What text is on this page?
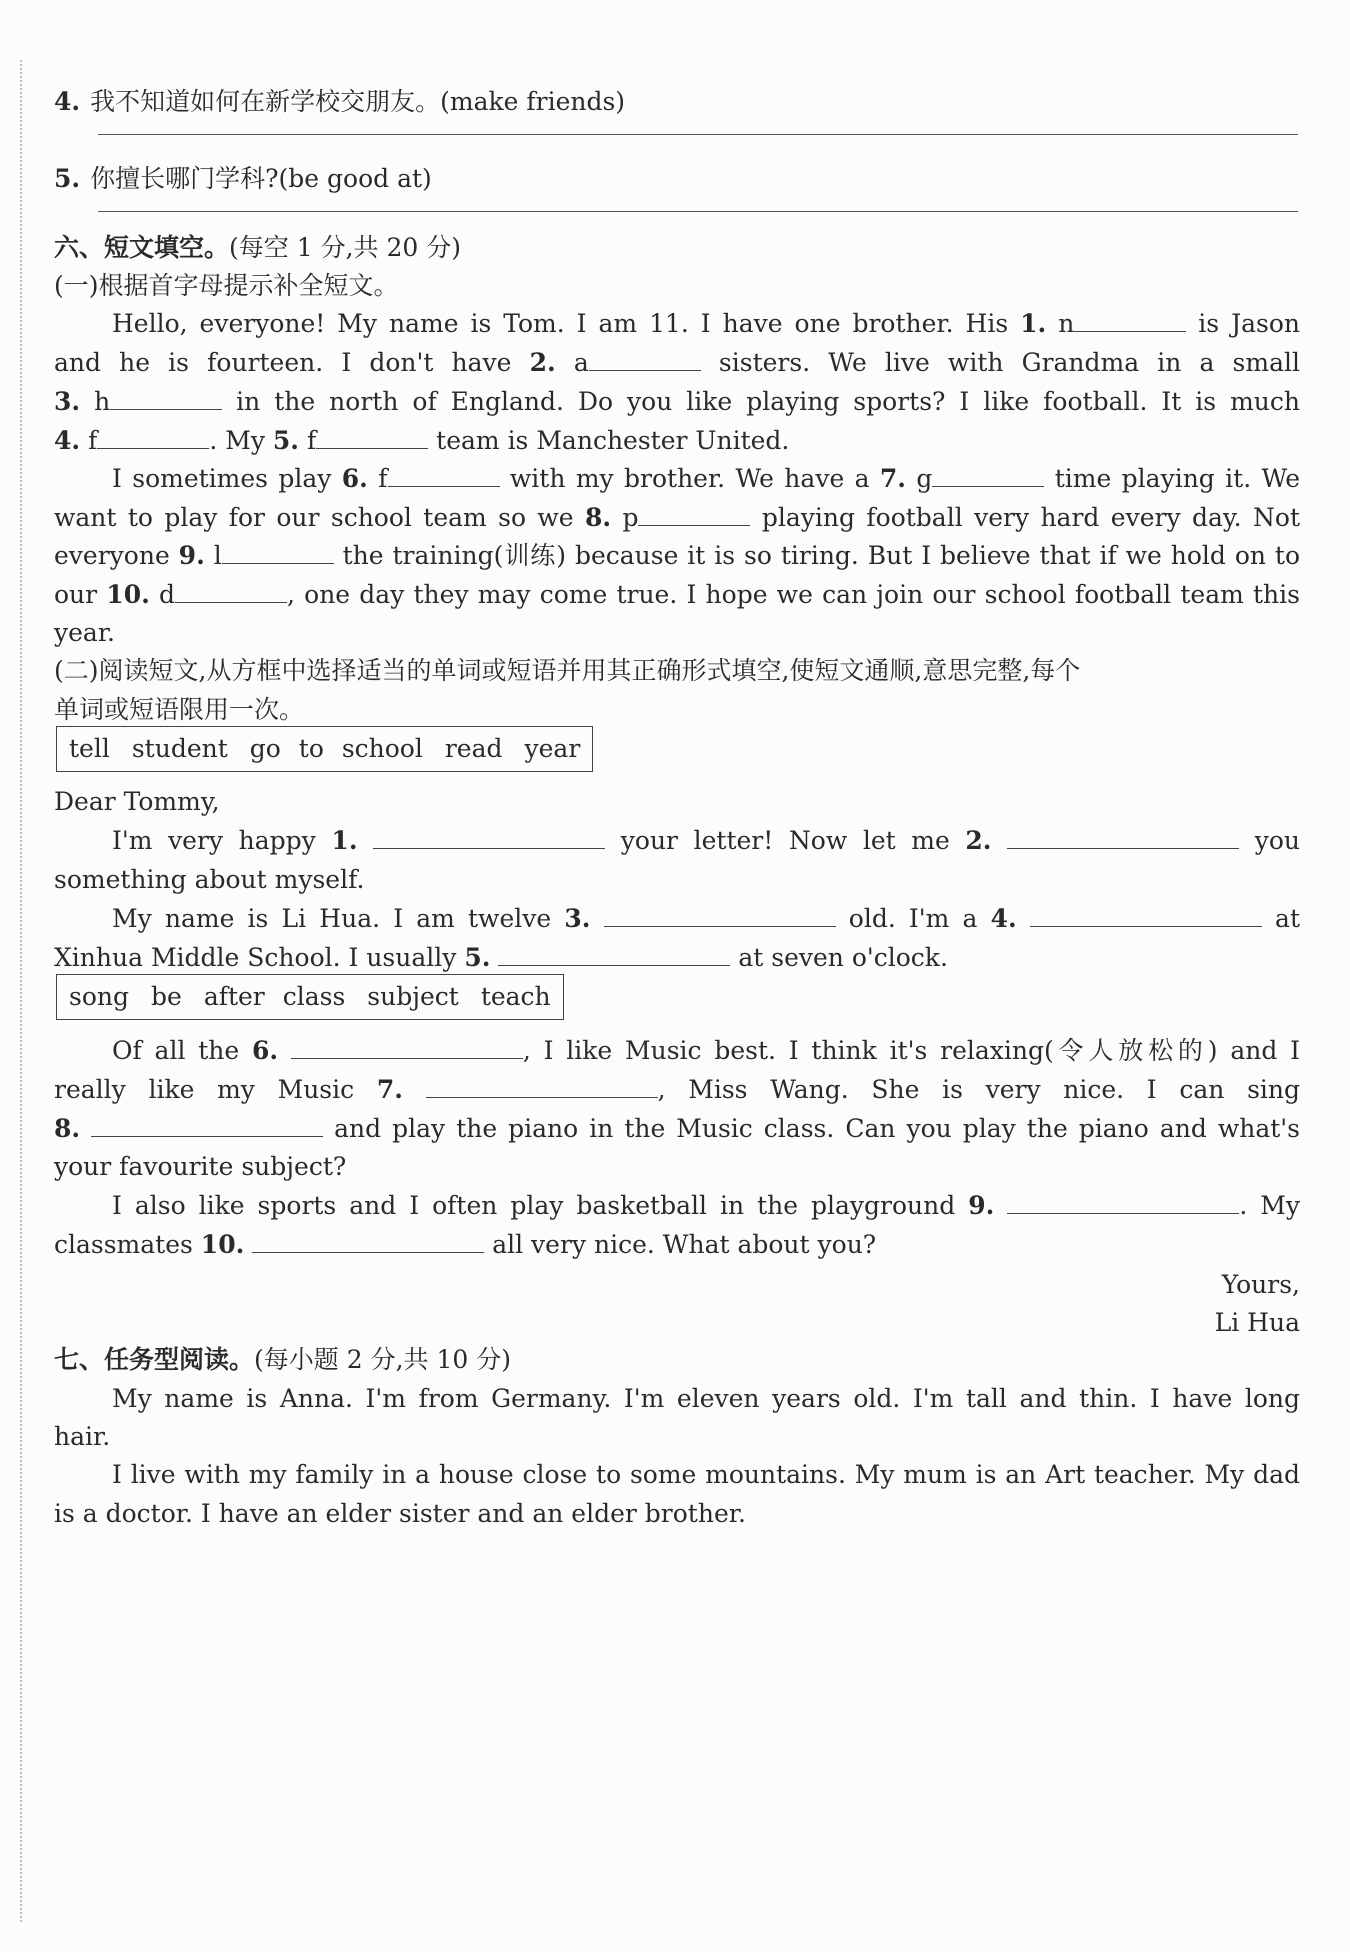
4. 我不知道如何在新学校交朋友。(make friends)
5. 你擅长哪门学科?(be good at)
六、短文填空。(每空 1 分,共 20 分)
(一)根据首字母提示补全短文。
Hello, everyone! My name is Tom. I am 11. I have one brother. His 1. n	is Jason
and he is fourteen. I don't have 2. a	sisters. We live with Grandma in a small
3. h	in the north of England. Do you like playing sports? I like football. It is much
4. f	. My 5. f	team is Manchester United.
I sometimes play 6. f	with my brother. We have a 7. g	time playing it. We
want to play for our school team so we 8. p	playing football very hard every day. Not
everyone 9. l	the training(训练) because it is so tiring. But I believe that if we hold on to
our 10. d	, one day they may come true. I hope we can join our school football team this
year.
(二)阅读短文,从方框中选择适当的单词或短语并用其正确形式填空,使短文通顺,意思完整,每个
单词或短语限用一次。
tell student go to school read year
Dear Tommy,
I'm very happy 1.	your letter! Now let me 2.	you
something about myself.
My name is Li Hua. I am twelve 3.	old. I'm a 4.	at
Xinhua Middle School. I usually 5.	at seven o'clock.
song be after class subject teach
Of all the 6.	, I like Music best. I think it's relaxing(令人放松的) and I
really like my Music 7.	, Miss Wang. She is very nice. I can sing
8.	and play the piano in the Music class. Can you play the piano and what's
your favourite subject?
I also like sports and I often play basketball in the playground 9.	. My
classmates 10.	all very nice. What about you?
Yours,
Li Hua
七、任务型阅读。(每小题 2 分,共 10 分)
My name is Anna. I'm from Germany. I'm eleven years old. I'm tall and thin. I have long
hair.
I live with my family in a house close to some mountains. My mum is an Art teacher. My dad
is a doctor. I have an elder sister and an elder brother.
